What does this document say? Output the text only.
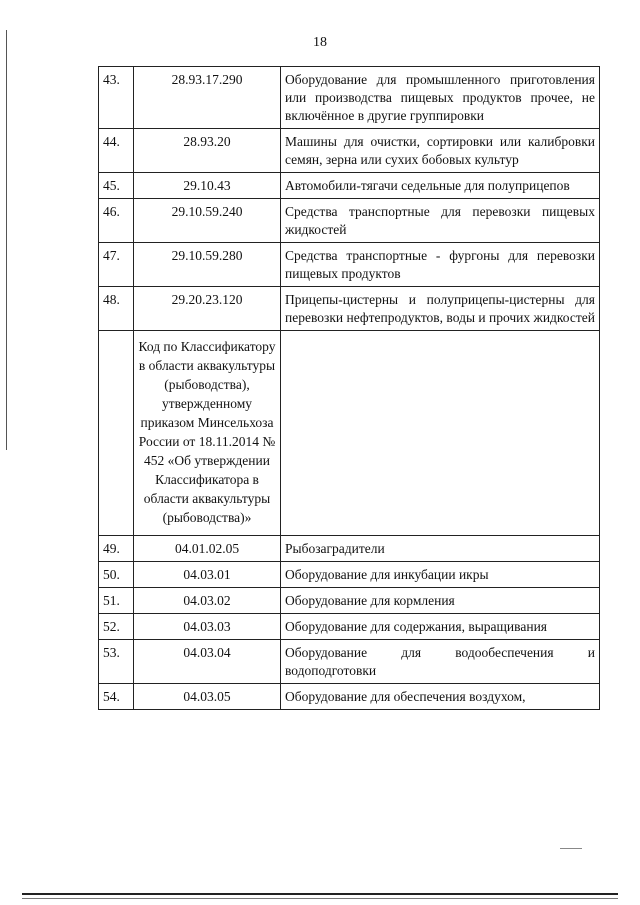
18
43.	28.93.17.290	Оборудование для промышленного приготовления или производства пищевых продуктов прочее, не включённое в другие группировки
44.	28.93.20	Машины для очистки, сортировки или калибровки семян, зерна или сухих бобовых культур
45.	29.10.43	Автомобили-тягачи седельные для полуприцепов
46.	29.10.59.240	Средства транспортные для перевозки пищевых жидкостей
47.	29.10.59.280	Средства транспортные - фургоны для перевозки пищевых продуктов
48.	29.20.23.120	Прицепы-цистерны и полуприцепы-цистерны для перевозки нефтепродуктов, воды и прочих жидкостей
	Код по Классификатору в области аквакультуры (рыбоводства), утвержденному приказом Минсельхоза России от 18.11.2014 № 452 «Об утверждении Классификатора в области аквакультуры (рыбоводства)»	
49.	04.01.02.05	Рыбозаградители
50.	04.03.01	Оборудование для инкубации икры
51.	04.03.02	Оборудование для кормления
52.	04.03.03	Оборудование для содержания, выращивания
53.	04.03.04	Оборудование для водообеспечения и водоподготовки
54.	04.03.05	Оборудование для обеспечения воздухом,
